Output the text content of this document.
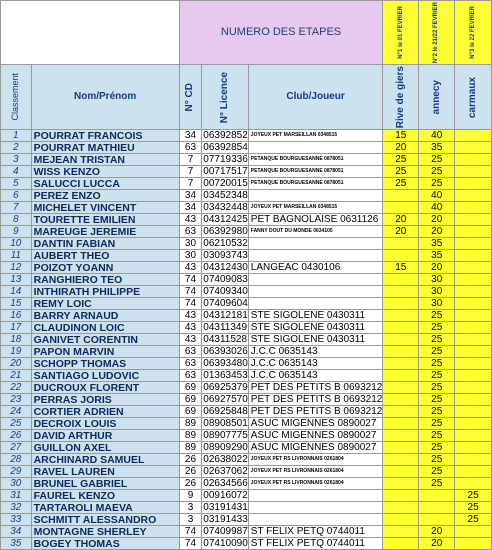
		NUMERO DES ETAPES			N°1 le 01 FEVRIER	N°2 le 21/22 FEVRIER	N°3 le 22 FEVRIER

Classement	Nom/Prénom	N° CD	N° Licence	Club/Joueur	Rive de giers	annecy	carmaux

1	POURRAT FRANCOIS	34	06392852	JOYEUX PET MARSEILLAN 0348515	15	40	
2	POURRAT MATHIEU	63	06392854		20	35	
3	MEJEAN TRISTAN	7	07719336	PETANQUE BOURGUESANNE 0878051	25	25	
4	WISS KENZO	7	00717517	PETANQUE BOURGUESANNE 0878051	25	25	
5	SALUCCI LUCCA	7	00720015	PETANQUE BOURGUESANNE 0878051	25	25	
6	PEREZ ENZO	34	03452348			40	
7	MICHELET VINCENT	34	03432448	JOYEUX PET MARSEILLAN 0348515		40	
8	TOURETTE EMILIEN	43	04312425	PET BAGNOLAISE 0631126	20	20	
9	MAREUGE JEREMIE	63	06392980	FANNY DOUT DU MONDE 0634105	20	20	
10	DANTIN FABIAN	30	06210532			35	
11	AUBERT THEO	30	03093743			35	
12	POIZOT YOANN	43	04312430	LANGEAC 0430106	15	20	
13	RANGHIERO TEO	74	07409083			30	
14	INTHIRATH PHILIPPE	74	07409340			30	
15	REMY LOIC	74	07409604			30	
16	BARRY ARNAUD	43	04312181	STE SIGOLENE 0430311		25	
17	CLAUDINON LOIC	43	04311349	STE SIGOLENE 0430311		25	
18	GANIVET CORENTIN	43	04311528	STE SIGOLENE 0430311		25	
19	PAPON MARVIN	63	06393026	J.C.C 0635143		25	
20	SCHOPP THOMAS	63	06393480	J.C.C 0635143		25	
21	SANTIAGO LUDOVIC	63	01363453	J.C.C 0635143		25	
22	DUCROUX FLORENT	69	06925379	PET DES PETITS B 0693212		25	
23	PERRAS JORIS	69	06927570	PET DES PETITS B 0693212		25	
24	CORTIER ADRIEN	69	06925848	PET DES PETITS B 0693212		25	
25	DECROIX LOUIS	89	08908501	ASUC MIGENNES 0890027		25	
26	DAVID ARTHUR	89	08907775	ASUC MIGENNES 0890027		25	
27	GUILLON AXEL	89	08909290	ASUC MIGENNES 0890027		25	
28	ARCHINARD SAMUEL	26	02638022	JOYEUX PET RS LIVRONNAIS 0261804		25	
29	RAVEL LAUREN	26	02637062	JOYEUX PET RS LIVRONNAIS 0261804		25	
30	BRUNEL GABRIEL	26	02634566	JOYEUX PET RS LIVRONNAIS 0261804		25	
31	FAUREL KENZO	9	00916072				25
32	TARTAROLI MAEVA	3	03191431				25
33	SCHMITT ALESSANDRO	3	03191433				25
34	MONTAGNE SHERLEY	74	07409987	ST FELIX PETQ 0744011		20	
35	BOGEY THOMAS	74	07410090	ST FELIX PETQ 0744011		20	
